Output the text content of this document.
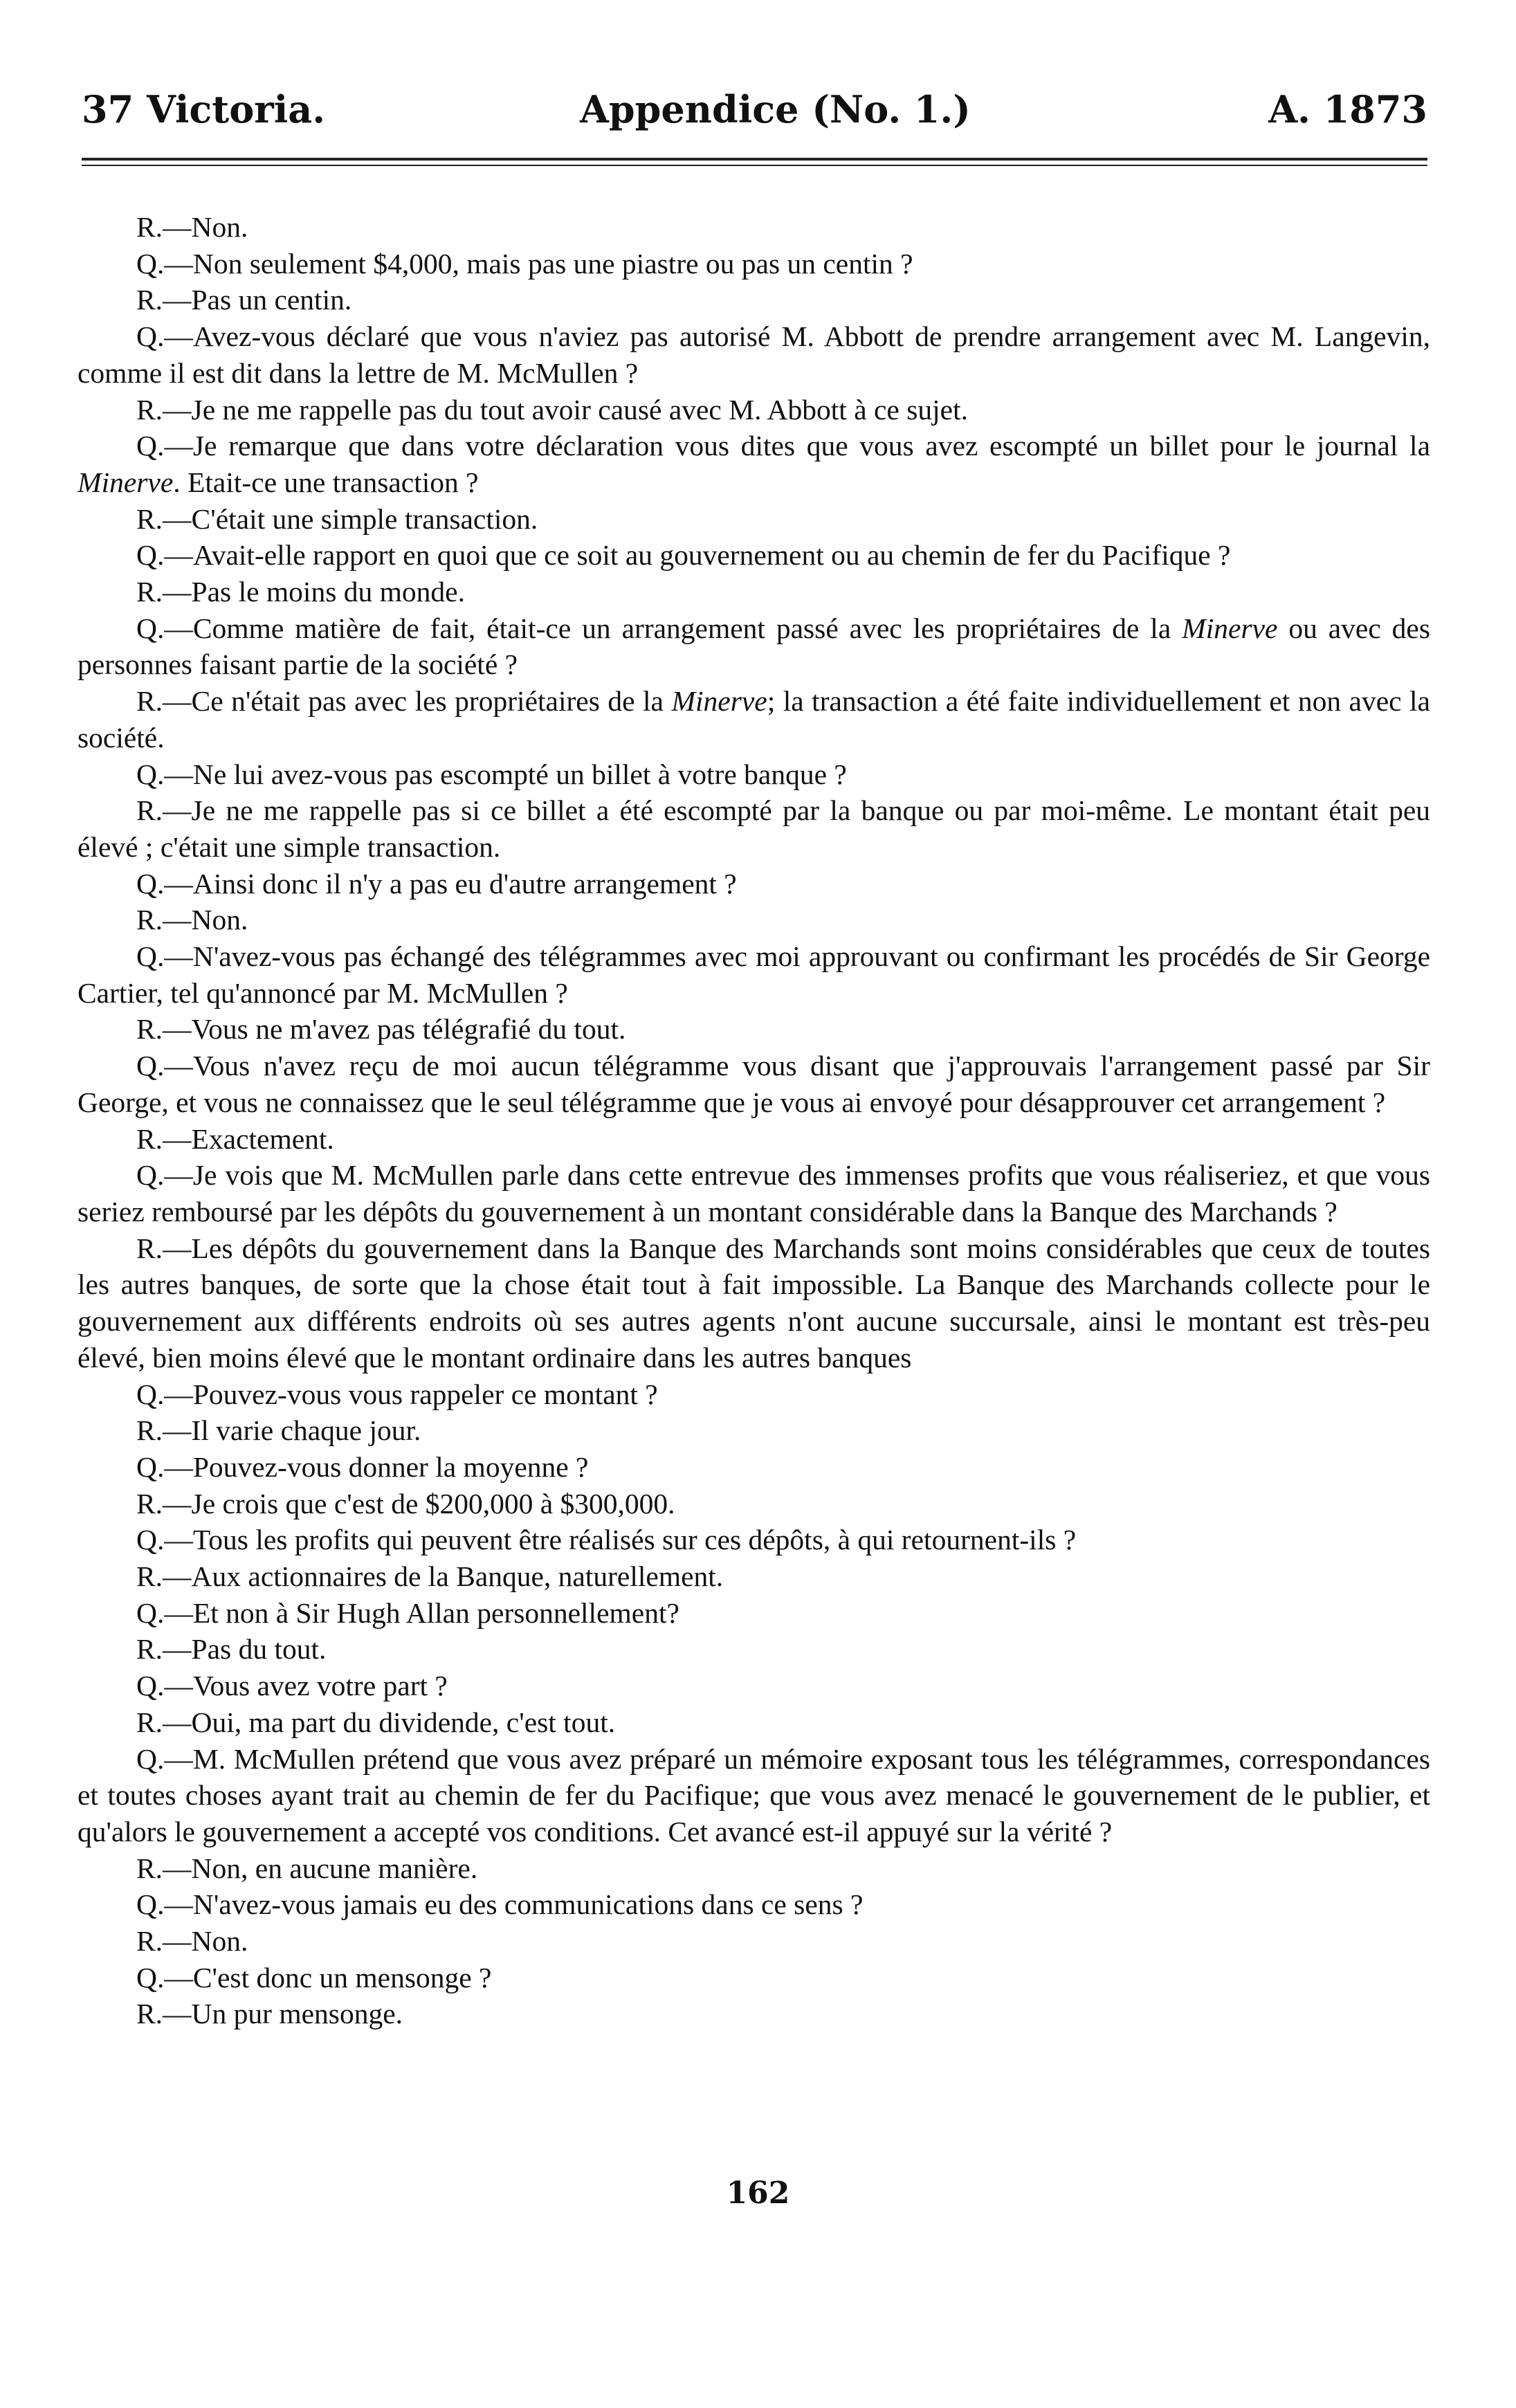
37 Victoria.	Appendice (No. 1.)	A. 1873

R.—Non.

Q.—Non seulement $4,000, mais pas une piastre ou pas un centin ?

R.—Pas un centin.

Q.—Avez-vous déclaré que vous n'aviez pas autorisé M. Abbott de prendre arrangement avec M. Langevin, comme il est dit dans la lettre de M. McMullen ?

R.—Je ne me rappelle pas du tout avoir causé avec M. Abbott à ce sujet.

Q.—Je remarque que dans votre déclaration vous dites que vous avez escompté un billet pour le journal la Minerve. Etait-ce une transaction ?

R.—C'était une simple transaction.

Q.—Avait-elle rapport en quoi que ce soit au gouvernement ou au chemin de fer du Pacifique ?

R.—Pas le moins du monde.

Q.—Comme matière de fait, était-ce un arrangement passé avec les propriétaires de la Minerve ou avec des personnes faisant partie de la société ?

R.—Ce n'était pas avec les propriétaires de la Minerve; la transaction a été faite individuellement et non avec la société.

Q.—Ne lui avez-vous pas escompté un billet à votre banque ?

R.—Je ne me rappelle pas si ce billet a été escompté par la banque ou par moi-même. Le montant était peu élevé ; c'était une simple transaction.

Q.—Ainsi donc il n'y a pas eu d'autre arrangement ?

R.—Non.

Q.—N'avez-vous pas échangé des télégrammes avec moi approuvant ou confirmant les procédés de Sir George Cartier, tel qu'annoncé par M. McMullen ?

R.—Vous ne m'avez pas télégrafié du tout.

Q.—Vous n'avez reçu de moi aucun télégramme vous disant que j'approuvais l'arrangement passé par Sir George, et vous ne connaissez que le seul télégramme que je vous ai envoyé pour désapprouver cet arrangement ?

R.—Exactement.

Q.—Je vois que M. McMullen parle dans cette entrevue des immenses profits que vous réaliseriez, et que vous seriez remboursé par les dépôts du gouvernement à un montant considérable dans la Banque des Marchands ?

R.—Les dépôts du gouvernement dans la Banque des Marchands sont moins considérables que ceux de toutes les autres banques, de sorte que la chose était tout à fait impossible. La Banque des Marchands collecte pour le gouvernement aux différents endroits où ses autres agents n'ont aucune succursale, ainsi le montant est très-peu élevé, bien moins élevé que le montant ordinaire dans les autres banques

Q.—Pouvez-vous vous rappeler ce montant ?

R.—Il varie chaque jour.

Q.—Pouvez-vous donner la moyenne ?

R.—Je crois que c'est de $200,000 à $300,000.

Q.—Tous les profits qui peuvent être réalisés sur ces dépôts, à qui retournent-ils ?

R.—Aux actionnaires de la Banque, naturellement.

Q.—Et non à Sir Hugh Allan personnellement?

R.—Pas du tout.

Q.—Vous avez votre part ?

R.—Oui, ma part du dividende, c'est tout.

Q.—M. McMullen prétend que vous avez préparé un mémoire exposant tous les télégrammes, correspondances et toutes choses ayant trait au chemin de fer du Pacifique; que vous avez menacé le gouvernement de le publier, et qu'alors le gouvernement a accepté vos conditions. Cet avancé est-il appuyé sur la vérité ?

R.—Non, en aucune manière.

Q.—N'avez-vous jamais eu des communications dans ce sens ?

R.—Non.

Q.—C'est donc un mensonge ?

R.—Un pur mensonge.

162
